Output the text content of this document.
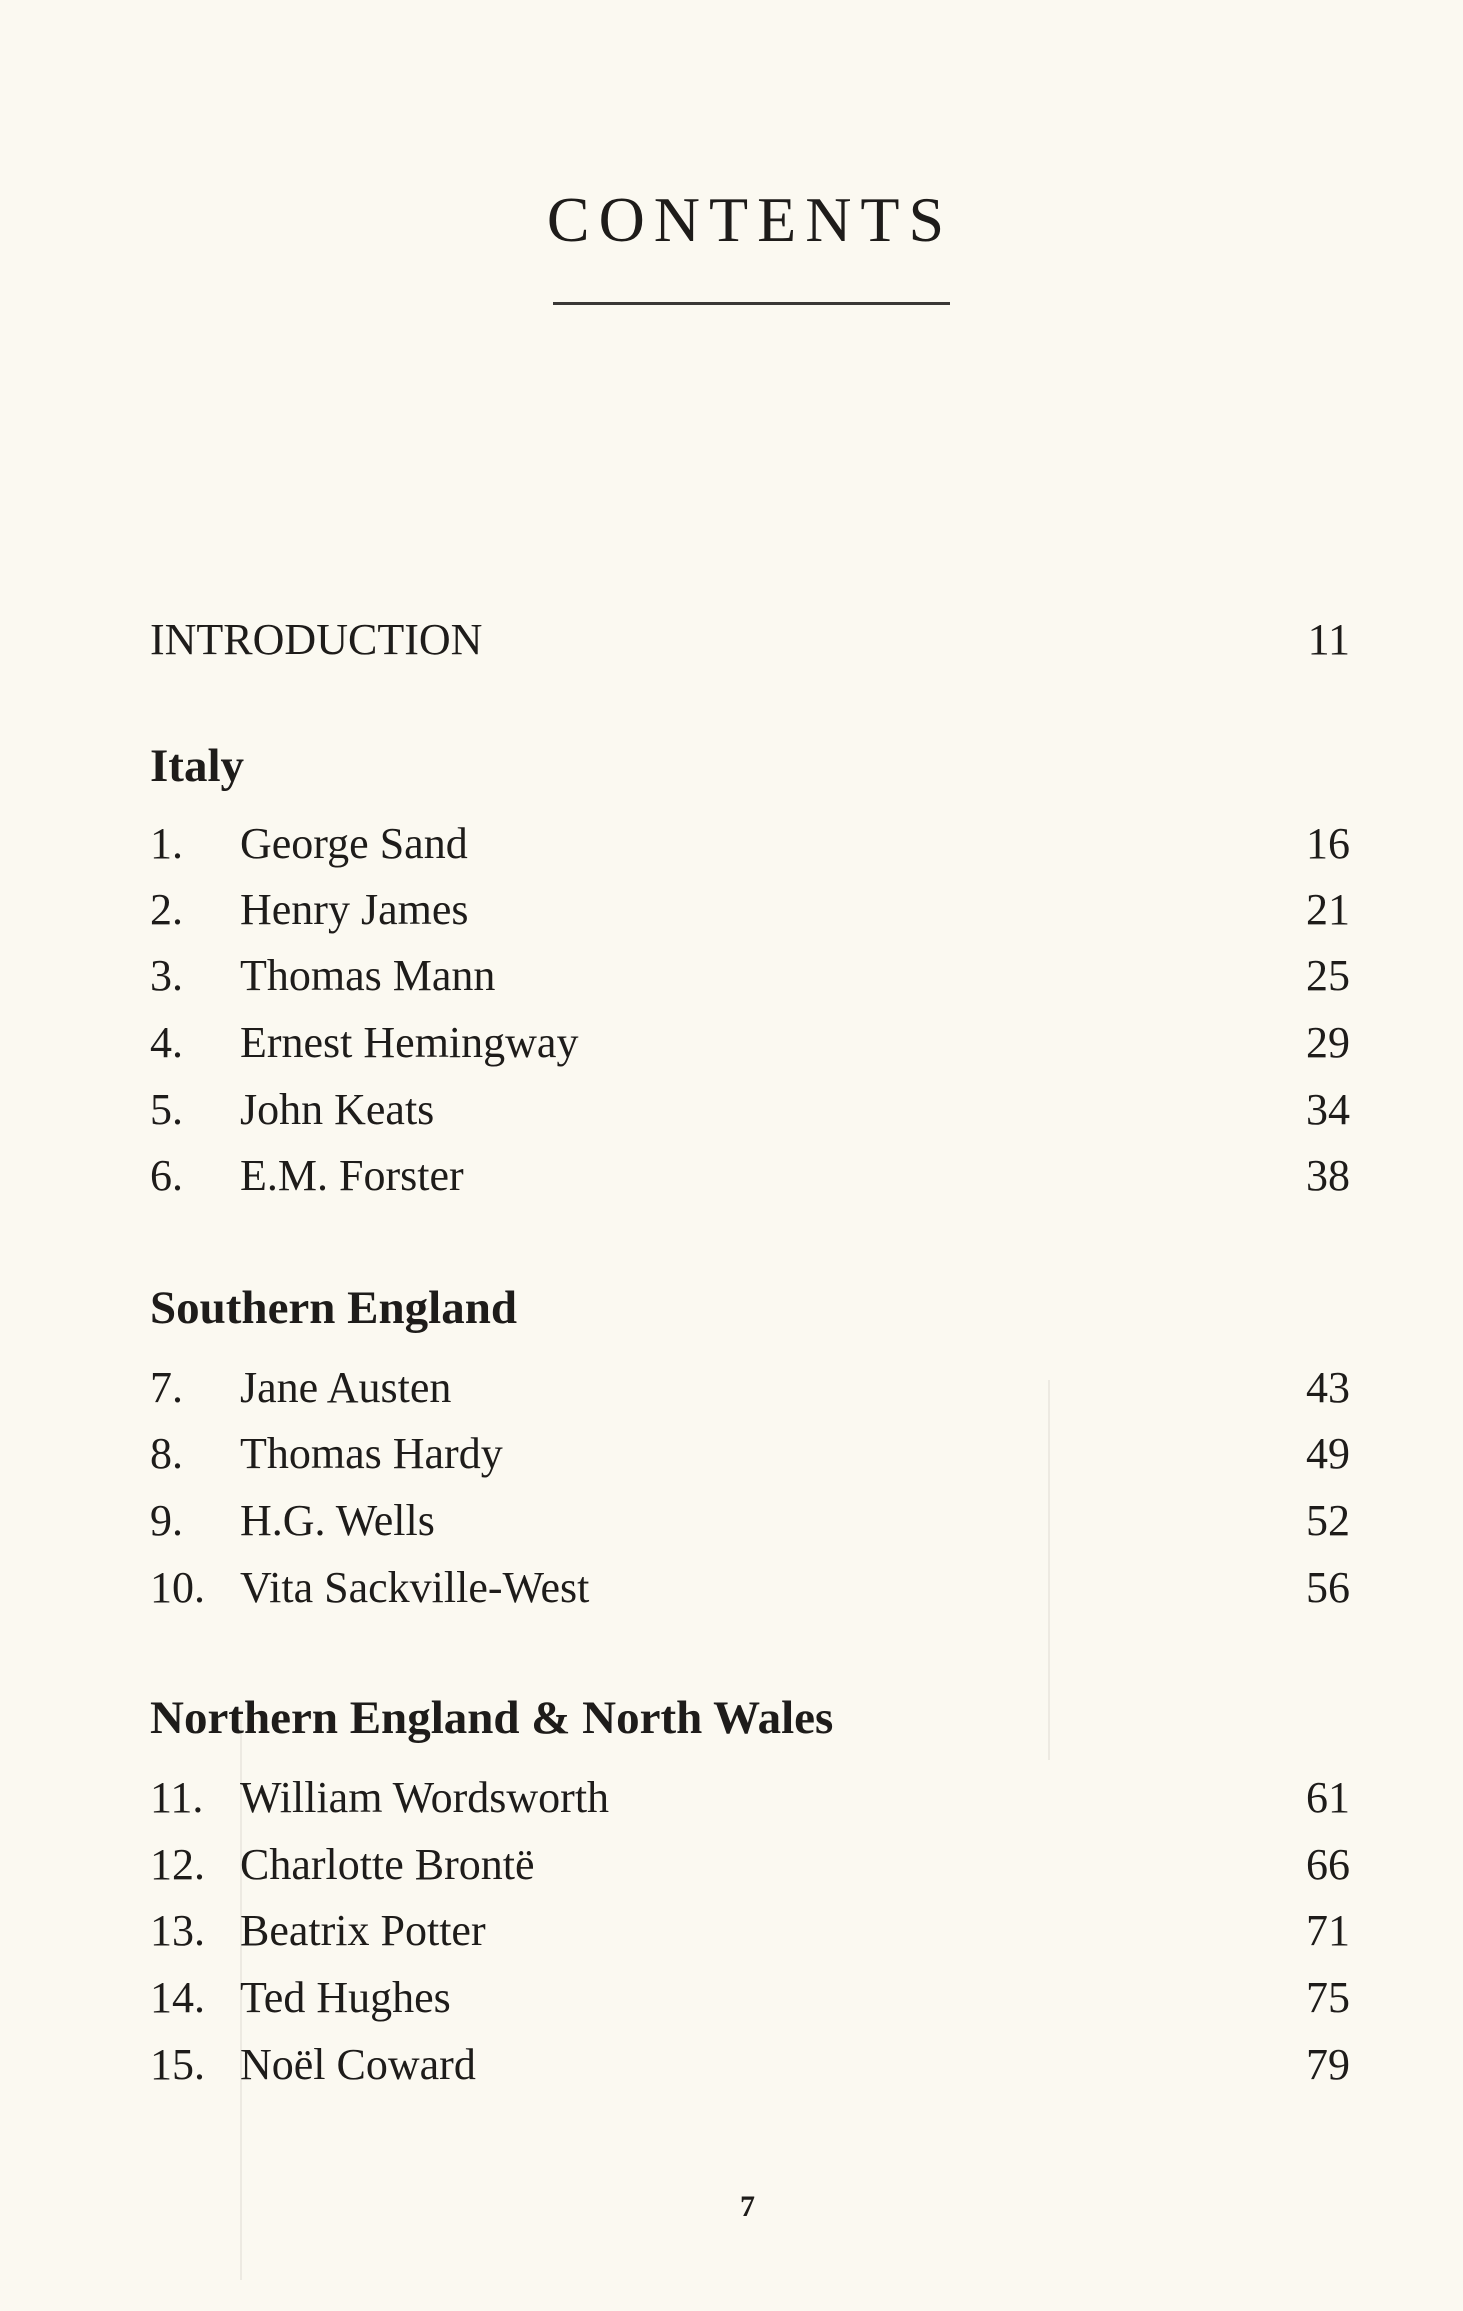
CONTENTS
INTRODUCTION	11
Italy
1.	George Sand	16
2.	Henry James	21
3.	Thomas Mann	25
4.	Ernest Hemingway	29
5.	John Keats	34
6.	E.M. Forster	38
Southern England
7.	Jane Austen	43
8.	Thomas Hardy	49
9.	H.G. Wells	52
10. Vita Sackville-West	56
Northern England & North Wales
11. William Wordsworth	61
12. Charlotte Brontë	66
13. Beatrix Potter	71
14. Ted Hughes	75
15. Noël Coward	79
7
